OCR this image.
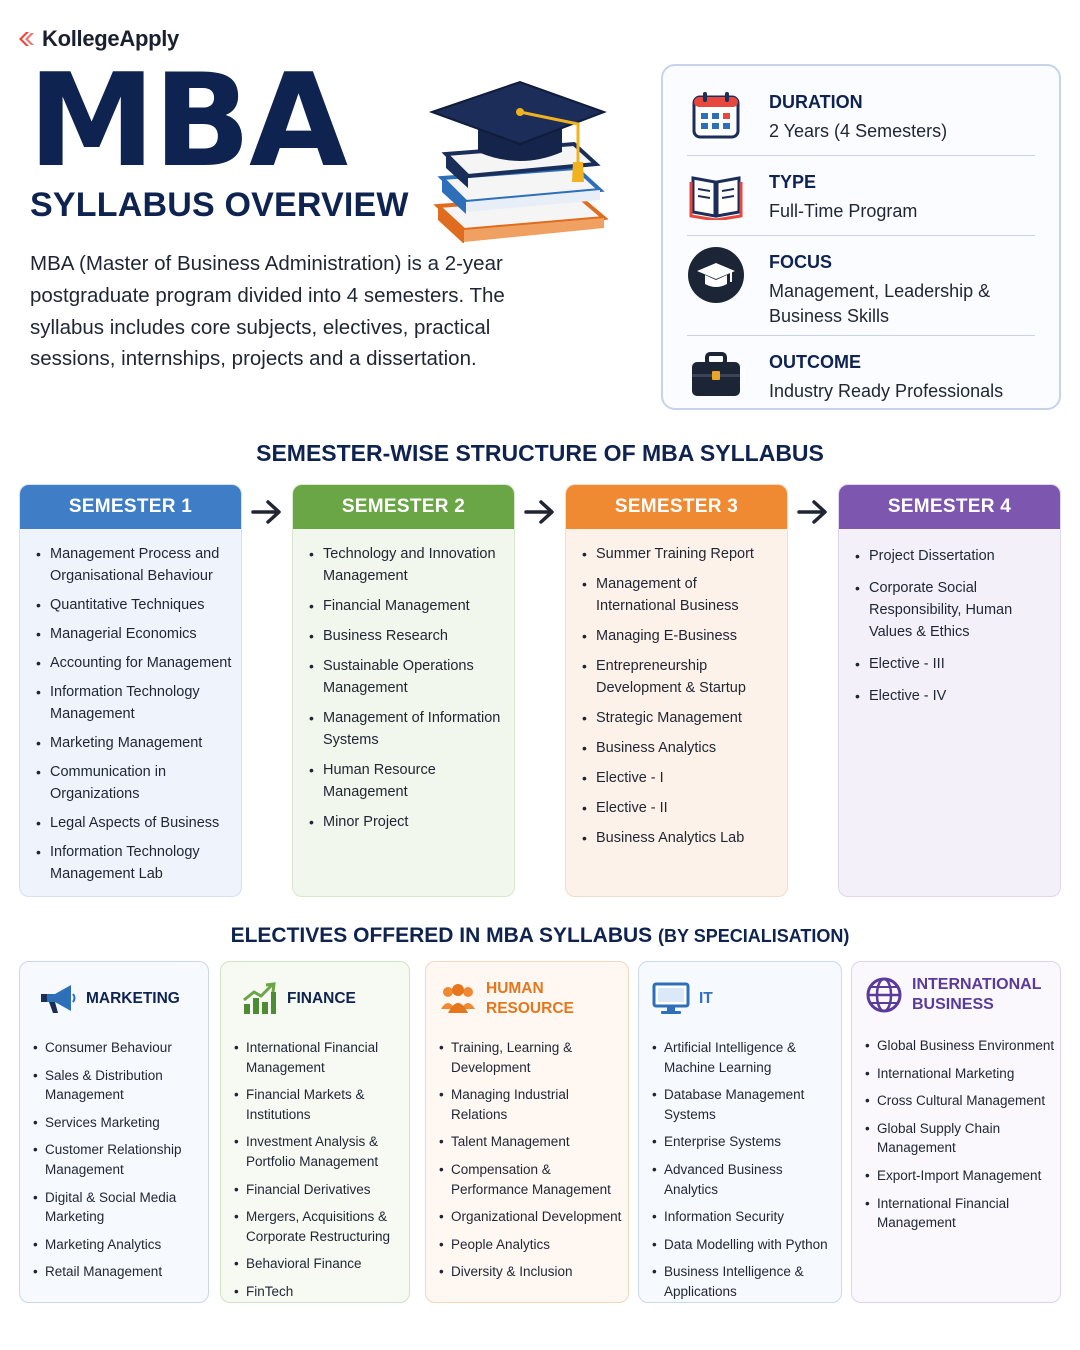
KollegeApply
MBA
SYLLABUS OVERVIEW

MBA (Master of Business Administration) is a 2-year postgraduate program divided into 4 semesters. The syllabus includes core subjects, electives, practical sessions, internships, projects and a dissertation.

DURATION
2 Years (4 Semesters)
TYPE
Full-Time Program
FOCUS
Management, Leadership & Business Skills
OUTCOME
Industry Ready Professionals
SEMESTER-WISE STRUCTURE OF MBA SYLLABUS
SEMESTER 1
• Management Process and Organisational Behaviour
• Quantitative Techniques
• Managerial Economics
• Accounting for Management
• Information Technology Management
• Marketing Management
• Communication in Organizations
• Legal Aspects of Business
• Information Technology Management Lab
SEMESTER 2
• Technology and Innovation Management
• Financial Management
• Business Research
• Sustainable Operations Management
• Management of Information Systems
• Human Resource Management
• Minor Project
SEMESTER 3
• Summer Training Report
• Management of International Business
• Managing E-Business
• Entrepreneurship Development & Startup
• Strategic Management
• Business Analytics
• Elective - I
• Elective - II
• Business Analytics Lab
SEMESTER 4
• Project Dissertation
• Corporate Social Responsibility, Human Values & Ethics
• Elective - III
• Elective - IV
ELECTIVES OFFERED IN MBA SYLLABUS (BY SPECIALISATION)
MARKETING
• Consumer Behaviour
• Sales & Distribution Management
• Services Marketing
• Customer Relationship Management
• Digital & Social Media Marketing
• Marketing Analytics
• Retail Management
FINANCE
• International Financial Management
• Financial Markets & Institutions
• Investment Analysis & Portfolio Management
• Financial Derivatives
• Mergers, Acquisitions & Corporate Restructuring
• Behavioral Finance
• FinTech
HUMAN RESOURCE
• Training, Learning & Development
• Managing Industrial Relations
• Talent Management
• Compensation & Performance Management
• Organizational Development
• People Analytics
• Diversity & Inclusion
IT
• Artificial Intelligence & Machine Learning
• Database Management Systems
• Enterprise Systems
• Advanced Business Analytics
• Information Security
• Data Modelling with Python
• Business Intelligence & Applications
INTERNATIONAL BUSINESS
• Global Business Environment
• International Marketing
• Cross Cultural Management
• Global Supply Chain Management
• Export-Import Management
• International Financial Management
